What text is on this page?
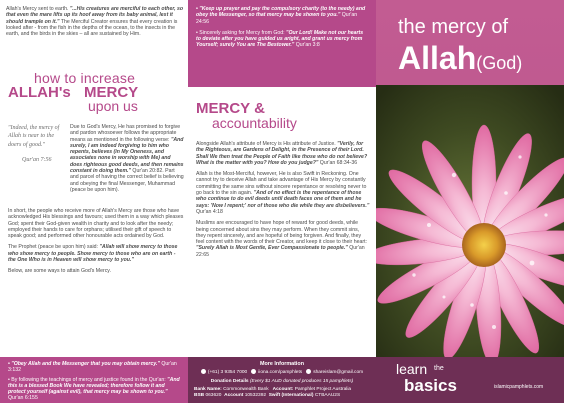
Allah's Mercy sent to earth. "...His creatures are merciful to each other, so that even the mare lifts up its hoof away from its baby animal, lest it should trample on it." The Merciful Creator ensures that every creation is looked after - from the fish in the depths of the ocean, to the insects in the earth, and the birds in the skies – all are sustained by Him.

how to increase
ALLAH's MERCY
upon us
"Indeed, the mercy of Allah is near to the doers of good."
Qur'an 7:56

Due to God's Mercy, He has promised to forgive and pardon whosoever follows the appropriate means as mentioned in the following verse: "And surely, I am indeed forgiving to him who repents, believes (in My Oneness, and associates none in worship with Me) and does righteous good deeds, and then remains constant in doing them." Qur'an 20:82. Part and parcel of having the correct belief is believing and obeying the final Messenger, Muhammad (peace be upon him).

In short, the people who receive more of Allah's Mercy are those who have acknowledged His blessings and favours; used them in a way which pleases God; spent their God-given wealth in charity and to look after the needy; employed their hands to care for orphans; utilised their gift of speech to speak good; and performed other honourable acts ordained by God.

The Prophet (peace be upon him) said: "Allah will show mercy to those who show mercy to people. Show mercy to those who are on earth - the One Who is in Heaven will show mercy to you."

Below, are some ways to attain God's Mercy.

• "Obey Allah and the Messenger that you may obtain mercy." Qur'an 3:132

• By following the teachings of mercy and justice found in the Qur'an: "And this is a blessed Book We have revealed; therefore follow it and protect yourself (against evil), that mercy may be shown to you." Qur'an 6:155

• "Keep up prayer and pay the compulsory charity (to the needy) and obey the Messenger, so that mercy may be shown to you." Qur'an 24:56

• Sincerely asking for Mercy from God: "Our Lord! Make not our hearts to deviate after you have guided us aright, and grant us mercy from Yourself; surely You are The Bestower." Qur'an 3:8

MERCY &
accountability

Alongside Allah's attribute of Mercy is His attribute of Justice. "Verily, for the Righteous, are Gardens of Delight, in the Presence of their Lord. Shall We then treat the People of Faith like those who do not believe? What is the matter with you? How do you judge?" Qur'an 68:34-36

Allah is the Most-Merciful, however, He is also Swift in Reckoning. One cannot try to deceive Allah and take advantage of His Mercy by constantly committing the same sins without sincere repentance or resolving never to go back to the sin again. "And of no effect is the repentance of those who continue to do evil deeds until death faces one of them and he says: 'Now I repent;' nor of those who die while they are disbelievers." Qur'an 4:18

Muslims are encouraged to have hope of reward for good deeds, while being concerned about sins they may perform. When they commit sins, they repent sincerely, and are hopeful of being forgiven. And finally, they feel content with the words of their Creator, and keep it close to their heart: "Surely Allah is Most Gentle, Ever Compassionate to people." Qur'an 22:65

More Information

(+61) 3 9354 7000 iiona.com/pamphlets shareislam@gmail.com

Donation Details (Every $1 AUD donated produces 15 pamphlets)

Bank Name: Commonwealth Bank Account: Pamphlet Project Australia

BSB 063620 Account 10532392 Swift (International) CTBAAU2S

the mercy of
Allah(God)
learn the
basics	islamicpamphlets.com
